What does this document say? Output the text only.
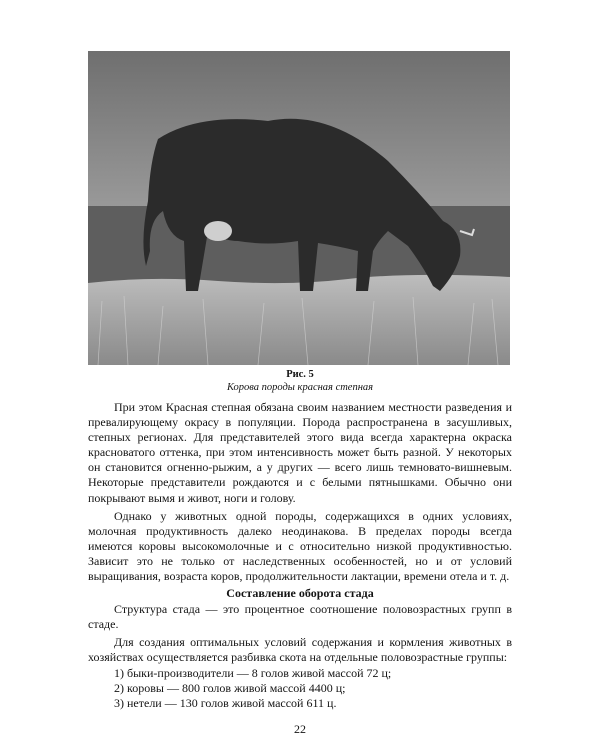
Рис. 5
Корова породы красная степная

При этом Красная степная обязана своим названием местности разведения и превалирующему окрасу в популяции. Порода распространена в засушливых, степных регионах. Для представителей этого вида всегда характерна окраска красноватого оттенка, при этом интенсивность может быть разной. У некоторых он становится огненно-рыжим, а у других — всего лишь темновато-вишневым. Некоторые представители рождаются и с белыми пятнышками. Обычно они покрывают вымя и живот, ноги и голову.

Однако у животных одной породы, содержащихся в одних условиях, молочная продуктивность далеко неодинакова. В пределах породы всегда имеются коровы высокомолочные и с относительно низкой продуктивностью. Зависит это не только от наследственных особенностей, но и от условий выращивания, возраста коров, продолжительности лактации, времени отела и т. д.

Составление оборота стада

Структура стада — это процентное соотношение половозрастных групп в стаде.

Для создания оптимальных условий содержания и кормления животных в хозяйствах осуществляется разбивка скота на отдельные половозрастные группы:

1) быки-производители — 8 голов живой массой 72 ц;

2) коровы — 800 голов живой массой 4400 ц;

3) нетели — 130 голов живой массой 611 ц.

22
